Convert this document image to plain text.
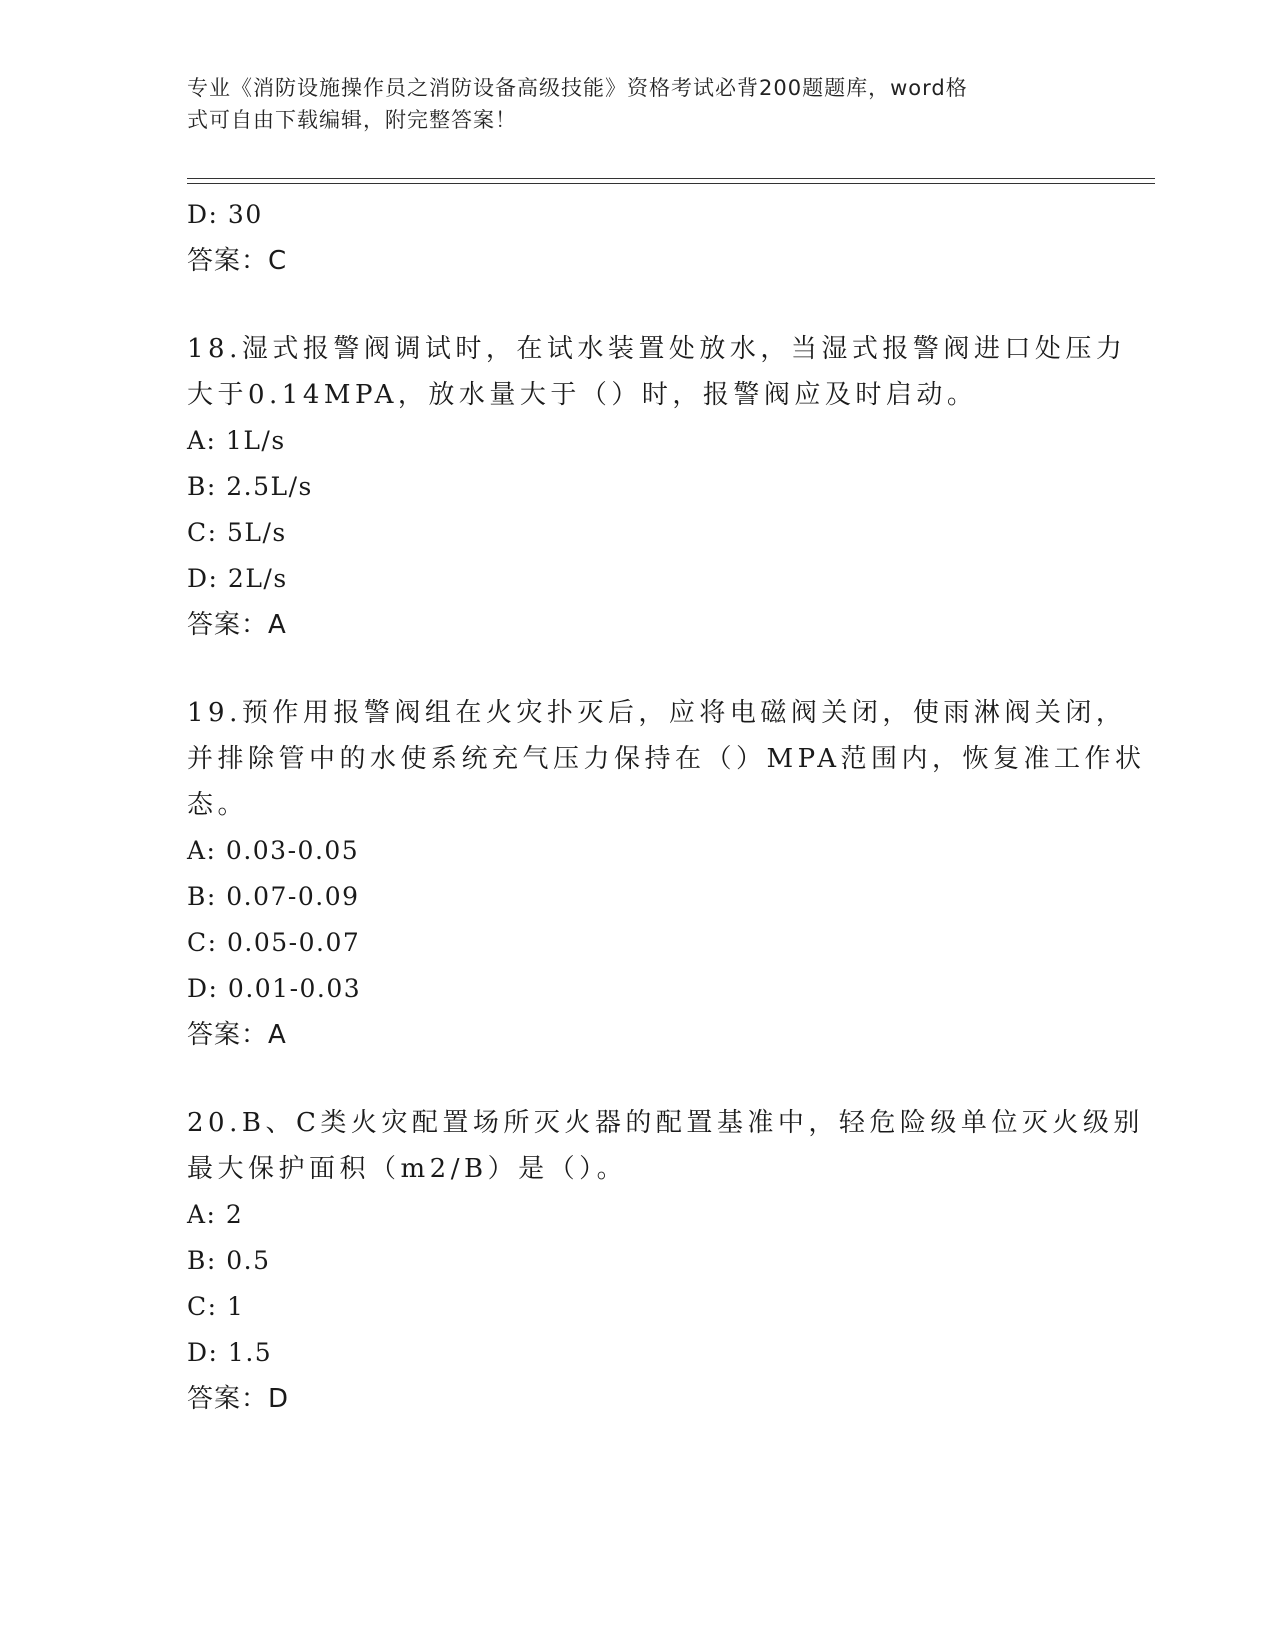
专业《消防设施操作员之消防设备高级技能》资格考试必背200题题库，word格
式可自由下载编辑，附完整答案！
D: 30
答案：C
18.湿式报警阀调试时，在试水装置处放水，当湿式报警阀进口处压力
大于0.14MPA，放水量大于（）时，报警阀应及时启动。
A: 1L/s
B: 2.5L/s
C: 5L/s
D: 2L/s
答案：A
19.预作用报警阀组在火灾扑灭后，应将电磁阀关闭，使雨淋阀关闭，
并排除管中的水使系统充气压力保持在（）MPA范围内，恢复准工作状
态。
A: 0.03-0.05
B: 0.07-0.09
C: 0.05-0.07
D: 0.01-0.03
答案：A
20.B、C类火灾配置场所灭火器的配置基准中，轻危险级单位灭火级别
最大保护面积（m2/B）是（）。
A: 2
B: 0.5
C: 1
D: 1.5
答案：D
